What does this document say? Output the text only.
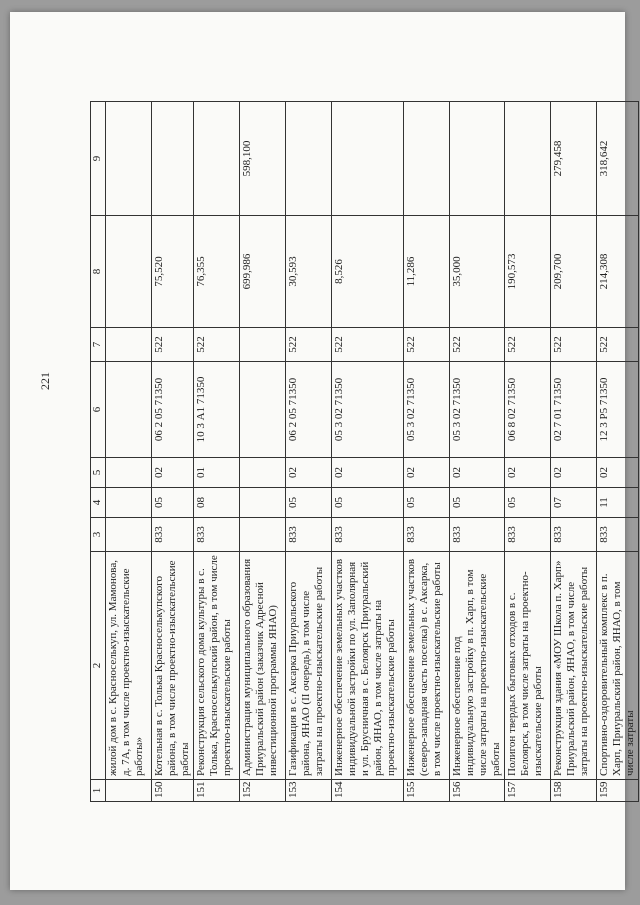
221
1	2	3	4	5	6	7	8	9
	жилой дом в с. Красноселькуп, ул. Мамонова, д. 7А, в том числе проектно-изыскательские работы»							
150	Котельная в с. Толька Красноселькупского района, в том числе проектно-изыскательские работы	833	05	02	06 2 05 71350	522	75,520	
151	Реконструкция сельского дома культуры в с. Толька, Красноселькупский район, в том числе проектно-изыскательские работы	833	08	01	10 3 А1 71350	522	76,355	
152	Администрация муниципального образования Приуральский район (заказчик Адресной инвестиционной программы ЯНАО)						699,986	598,100
153	Газификация в с. Аксарка Приуральского района, ЯНАО (II очередь), в том числе затраты на проектно-изыскательские работы	833	05	02	06 2 05 71350	522	30,593	
154	Инженерное обеспечение земельных участков индивидуальной застройки по ул. Заполярная и ул. Брусничная в с. Белоярск Приуральский район, ЯНАО, в том числе затраты на проектно-изыскательские работы	833	05	02	05 3 02 71350	522	8,526	
155	Инженерное обеспечение земельных участков (северо-западная часть поселка) в с. Аксарка, в том числе проектно-изыскательские работы	833	05	02	05 3 02 71350	522	11,286	
156	Инженерное обеспечение под индивидуальную застройку в п. Харп, в том числе затраты на проектно-изыскательские работы	833	05	02	05 3 02 71350	522	35,000	
157	Полигон твердых бытовых отходов в с. Белоярск, в том числе затраты на проектно-изыскательские работы	833	05	02	06 8 02 71350	522	190,573	
158	Реконструкция здания «МОУ Школа п. Харп» Приуральский район, ЯНАО, в том числе затраты на проектно-изыскательские работы	833	07	02	02 7 01 71350	522	209,700	279,458
159	Спортивно-оздоровительный комплекс в п. Харп, Приуральский район, ЯНАО, в том числе затраты	833	11	02	12 3 Р5 71350	522	214,308	318,642
